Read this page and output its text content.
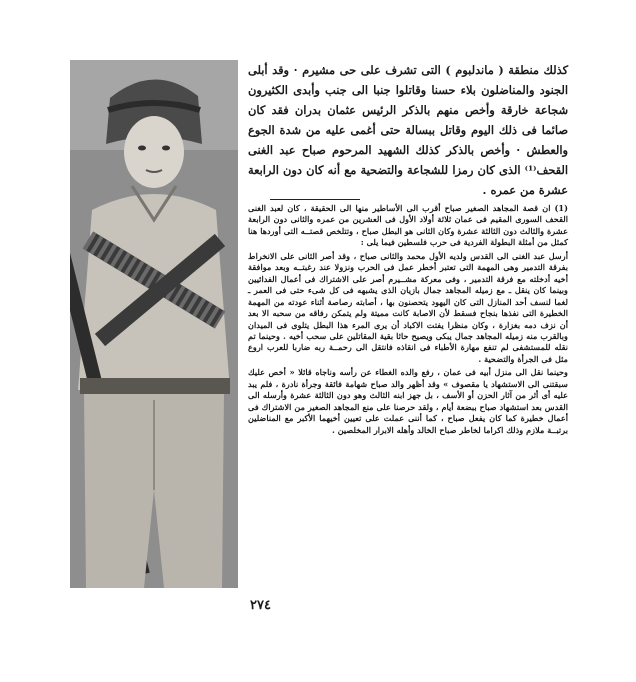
كذلك منطقة ( ماندلبوم ) التى تشرف على حى مشيرم · وقد أبلى الجنود والمناضلون بلاء حسنا وقاتلوا جنبا الى جنب وأبدى الكثيرون شجاعة خارقة وأخص منهم بالذكر الرئيس عثمان بدران فقد كان صائما فى ذلك اليوم وقاتل ببسالة حتى أغمى عليه من شدة الجوع والعطش · وأخص بالذكر كذلك الشهيد المرحوم صباح عبد الغنى القحف⁽¹⁾ الذى كان رمزا للشجاعة والتضحية مع أنه كان دون الرابعة عشرة من عمره .

(1) ان قصة المجاهد الصغير صباح أقرب الى الأساطير منها الى الحقيقة ، كان لعبد الغنى القحف السورى المقيم فى عمان ثلاثة أولاد الأول فى العشرين من عمره والثانى دون الرابعة عشرة والثالث دون الثالثة عشرة وكان الثانى هو البطل صباح ، وتتلخص قصتــه التى أوردها هنا كمثل من أمثلة البطولة الفردية فى حرب فلسطين فيما يلى :

أرسل عبد الغنى الى القدس ولديه الأول محمد والثانى صباح ، وقد أصر الثانى على الانخراط بفرقة التدمير وهى المهمة التى تعتبر أخطر عمل فى الحرب ونزولا عند رغبتــه وبعد موافقة أخيه أدخلته مع فرقة التدمير ، وفى معركة مشــيرم أصر على الاشتراك فى أعمال الفدائيين وبينما كان ينقل ـ مع زميله المجاهد جمال بازيان الذى يشبهه فى كل شىء حتى فى العمر ـ لغما لنسف أحد المنازل التى كان اليهود يتحصنون بها ، أصابته رصاصة أثناء عودته من المهمة الخطيرة التى نفذها بنجاح فسقط لأن الاصابة كانت مميتة ولم يتمكن رفاقه من سحبه الا بعد أن نزف دمه بغزارة ، وكان منظرا يفتت الاكباد أن يرى المرء هذا البطل يتلوى فى الميدان وبالقرب منه زميله المجاهد جمال يبكى ويصيح حاثا بقية المقاتلين على سحب أخيه . وحينما تم نقله للمستشفى لم تنفع مهارة الأطباء فى انقاذه فانتقل الى رحمــة ربه ضاربا للعرب اروع مثل فى الجرأة والتضحية .

وحينما نقل الى منزل أبيه فى عمان ، رفع والده الغطاء عن رأسه وناجاه قائلا « أخص عليك سبقتنى الى الاستشهاد يا مقصوف » وقد أظهر والد صباح شهامة فائقة وجرأة نادرة ، فلم يبد عليه أى أثر من آثار الحزن أو الأسف ، بل جهز ابنه الثالث وهو دون الثالثة عشرة وأرسله الى القدس بعد استشهاد صباح ببضعة أيام ، ولقد حرصنا على منع المجاهد الصغير من الاشتراك فى أعمال خطيرة كما كان يفعل صباح ، كما أننى عملت على تعيين أخيهما الأكبر مع المناضلين برتبــة ملازم وذلك اكراما لخاطر صباح الخالد وأهله الابرار المخلصين .

٢٧٤
